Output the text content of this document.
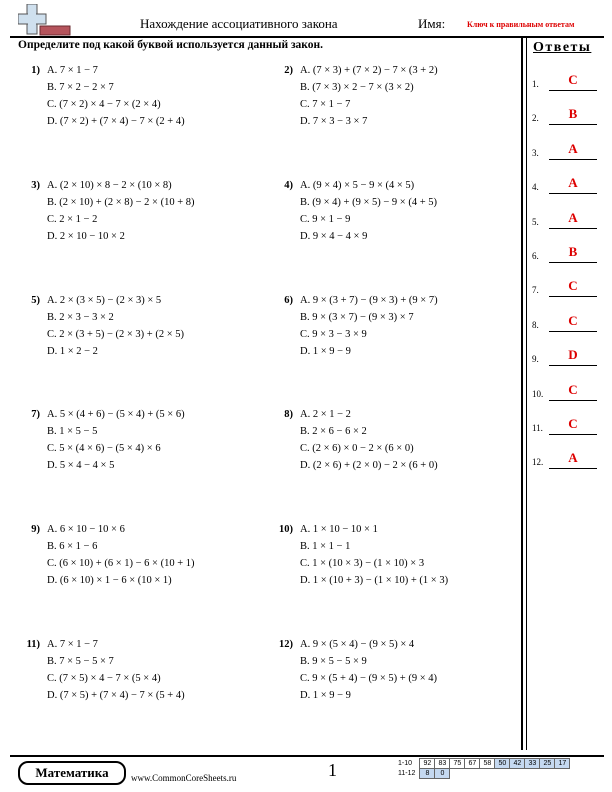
Нахождение ассоциативного закона	Имя:	Ключ к правильным ответам
Определите под какой буквой используется данный закон.
1) A. 7 × 1 − 7
B. 7 × 2 − 2 × 7
C. (7 × 2) × 4 − 7 × (2 × 4)
D. (7 × 2) + (7 × 4) − 7 × (2 + 4)
2) A. (7 × 3) + (7 × 2) − 7 × (3 + 2)
B. (7 × 3) × 2 − 7 × (3 × 2)
C. 7 × 1 − 7
D. 7 × 3 − 3 × 7
3) A. (2 × 10) × 8 − 2 × (10 × 8)
B. (2 × 10) + (2 × 8) − 2 × (10 + 8)
C. 2 × 1 − 2
D. 2 × 10 − 10 × 2
4) A. (9 × 4) × 5 − 9 × (4 × 5)
B. (9 × 4) + (9 × 5) − 9 × (4 + 5)
C. 9 × 1 − 9
D. 9 × 4 − 4 × 9
5) A. 2 × (3 × 5) − (2 × 3) × 5
B. 2 × 3 − 3 × 2
C. 2 × (3 + 5) − (2 × 3) + (2 × 5)
D. 1 × 2 − 2
6) A. 9 × (3 + 7) − (9 × 3) + (9 × 7)
B. 9 × (3 × 7) − (9 × 3) × 7
C. 9 × 3 − 3 × 9
D. 1 × 9 − 9
7) A. 5 × (4 + 6) − (5 × 4) + (5 × 6)
B. 1 × 5 − 5
C. 5 × (4 × 6) − (5 × 4) × 6
D. 5 × 4 − 4 × 5
8) A. 2 × 1 − 2
B. 2 × 6 − 6 × 2
C. (2 × 6) × 0 − 2 × (6 × 0)
D. (2 × 6) + (2 × 0) − 2 × (6 + 0)
9) A. 6 × 10 − 10 × 6
B. 6 × 1 − 6
C. (6 × 10) + (6 × 1) − 6 × (10 + 1)
D. (6 × 10) × 1 − 6 × (10 × 1)
10) A. 1 × 10 − 10 × 1
B. 1 × 1 − 1
C. 1 × (10 × 3) − (1 × 10) × 3
D. 1 × (10 + 3) − (1 × 10) + (1 × 3)
11) A. 7 × 1 − 7
B. 7 × 5 − 5 × 7
C. (7 × 5) × 4 − 7 × (5 × 4)
D. (7 × 5) + (7 × 4) − 7 × (5 + 4)
12) A. 9 × (5 × 4) − (9 × 5) × 4
B. 9 × 5 − 5 × 9
C. 9 × (5 + 4) − (9 × 5) + (9 × 4)
D. 1 × 9 − 9
Ответы
1.	C
2.	B
3.	A
4.	A
5.	A
6.	B
7.	C
8.	C
9.	D
10.	C
11.	C
12.	A
Математика	www.CommonCoreSheets.ru	1	1-10	92	83	75	67	58	50	42	33	25	17
11-12	8	0								
